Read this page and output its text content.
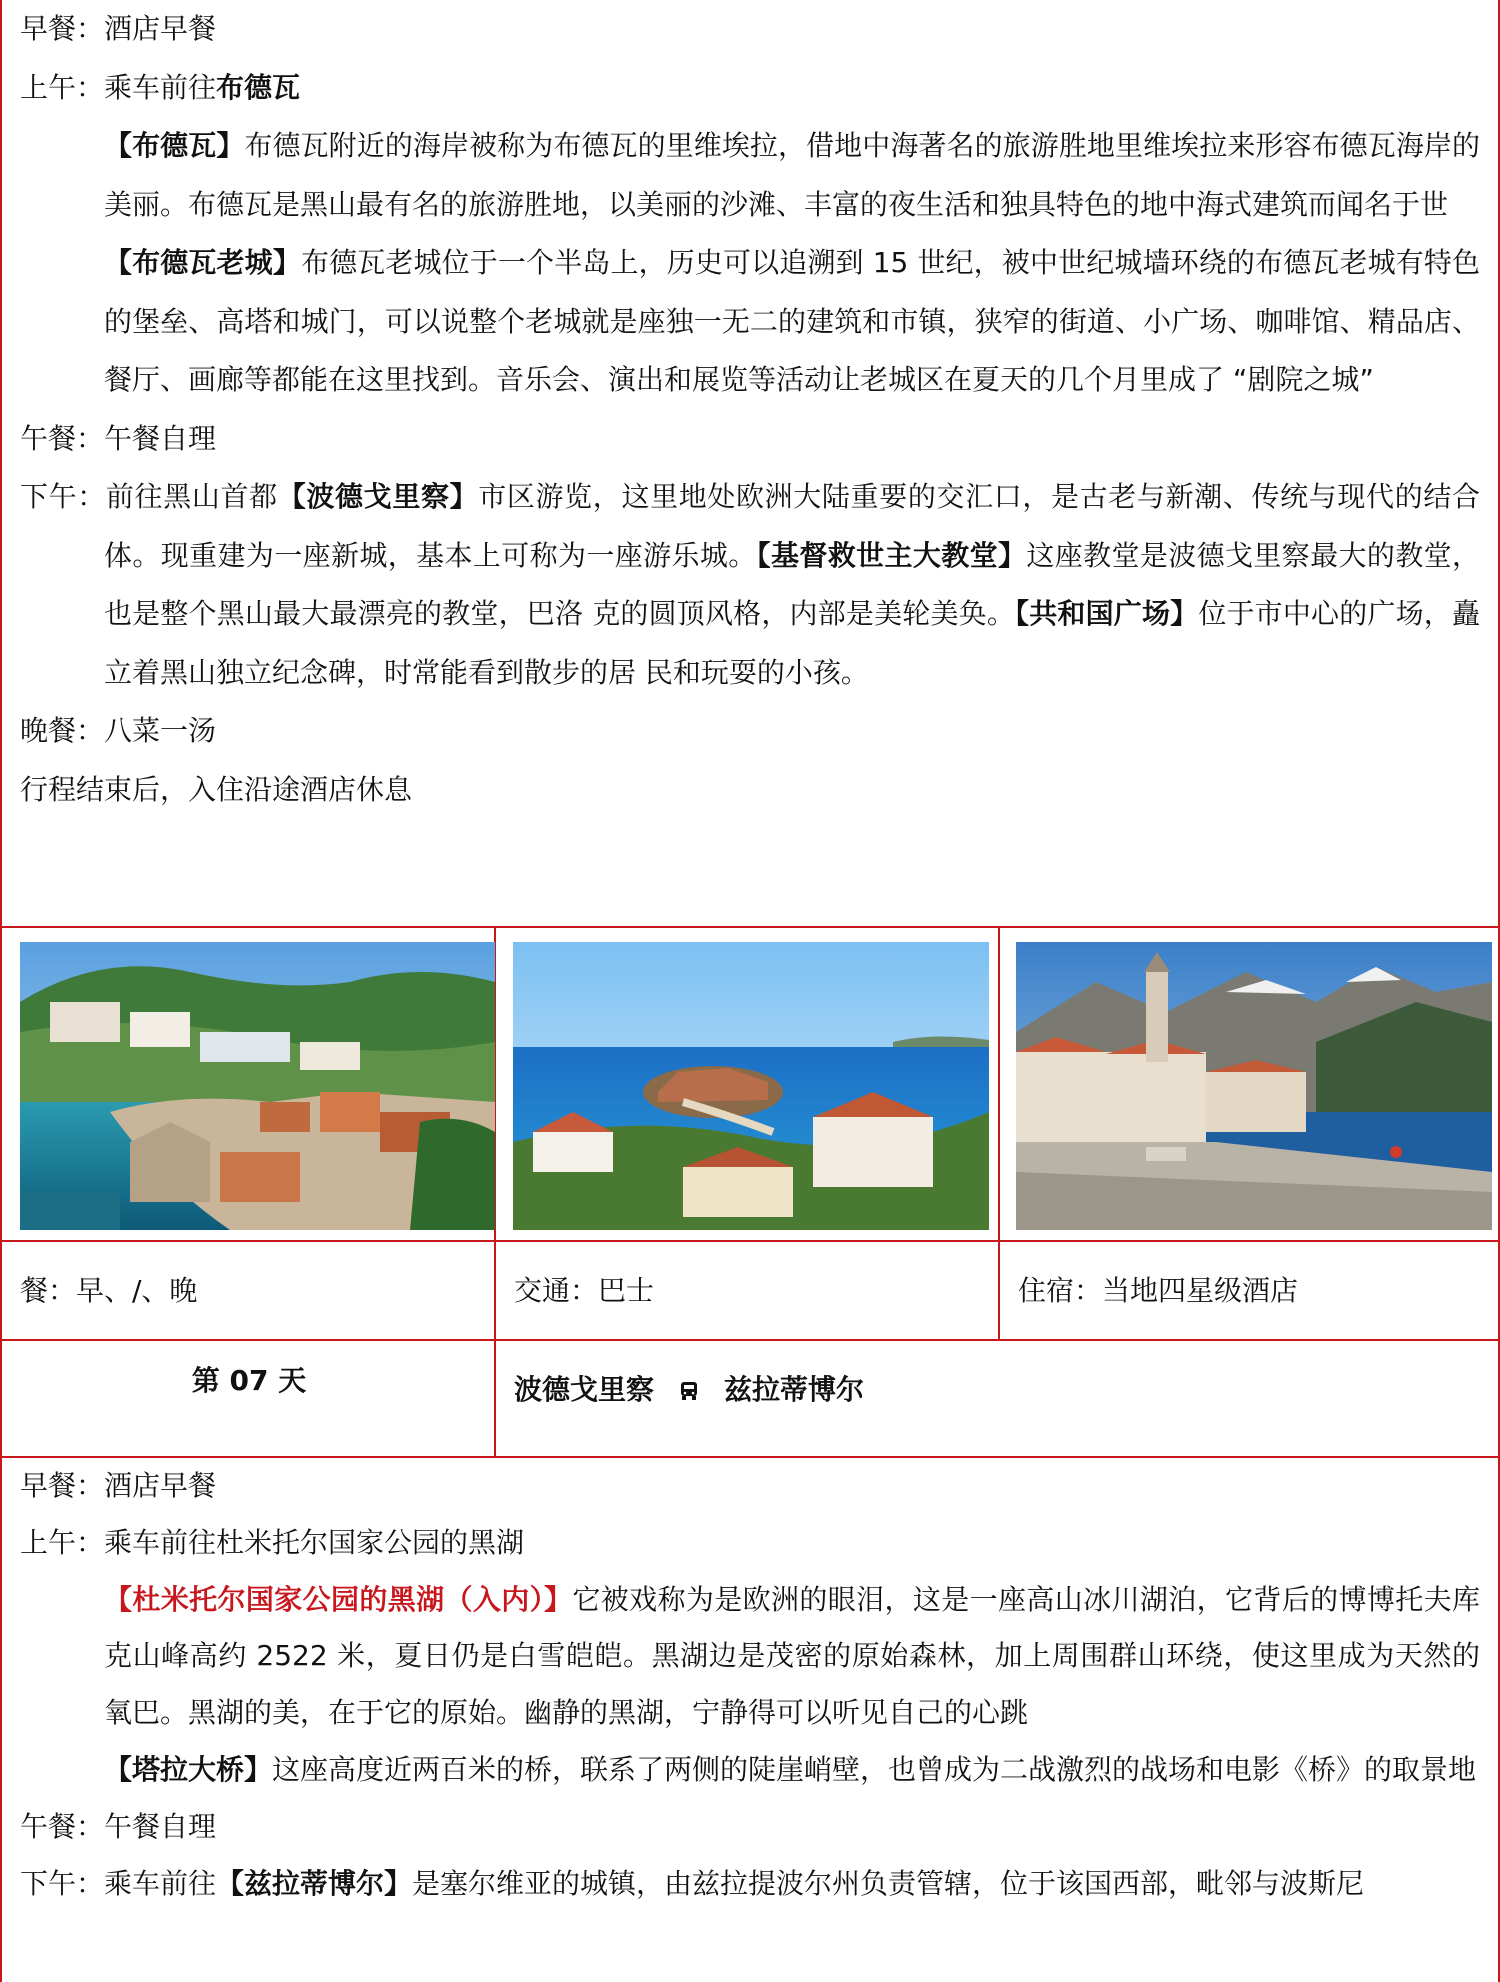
早餐：酒店早餐

上午：乘车前往布德瓦

【布德瓦】布德瓦附近的海岸被称为布德瓦的里维埃拉，借地中海著名的旅游胜地里维埃拉来形容布德瓦海岸的美丽。布德瓦是黑山最有名的旅游胜地，以美丽的沙滩、丰富的夜生活和独具特色的地中海式建筑而闻名于世

【布德瓦老城】布德瓦老城位于一个半岛上，历史可以追溯到 15 世纪，被中世纪城墙环绕的布德瓦老城有特色的堡垒、高塔和城门，可以说整个老城就是座独一无二的建筑和市镇，狭窄的街道、小广场、咖啡馆、精品店、餐厅、画廊等都能在这里找到。音乐会、演出和展览等活动让老城区在夏天的几个月里成了 “剧院之城”

午餐：午餐自理

下午：前往黑山首都【波德戈里察】市区游览，这里地处欧洲大陆重要的交汇口，是古老与新潮、传统与现代的结合体。现重建为一座新城，基本上可称为一座游乐城。【基督救世主大教堂】这座教堂是波德戈里察最大的教堂，也是整个黑山最大最漂亮的教堂，巴洛 克的圆顶风格，内部是美轮美奂。【共和国广场】位于市中心的广场，矗立着黑山独立纪念碑，时常能看到散步的居 民和玩耍的小孩。

晚餐：八菜一汤

行程结束后，入住沿途酒店休息

餐：早、/、晚	交通：巴士	住宿：当地四星级酒店
第 07 天	波德戈里察	兹拉蒂博尔

早餐：酒店早餐

上午：乘车前往杜米托尔国家公园的黑湖

【杜米托尔国家公园的黑湖（入内）】它被戏称为是欧洲的眼泪，这是一座高山冰川湖泊，它背后的博博托夫库克山峰高约 2522 米，夏日仍是白雪皑皑。黑湖边是茂密的原始森林，加上周围群山环绕，使这里成为天然的氧巴。黑湖的美，在于它的原始。幽静的黑湖，宁静得可以听见自己的心跳

【塔拉大桥】这座高度近两百米的桥，联系了两侧的陡崖峭壁，也曾成为二战激烈的战场和电影《桥》的取景地

午餐：午餐自理

下午：乘车前往【兹拉蒂博尔】是塞尔维亚的城镇，由兹拉提波尔州负责管辖，位于该国西部，毗邻与波斯尼
